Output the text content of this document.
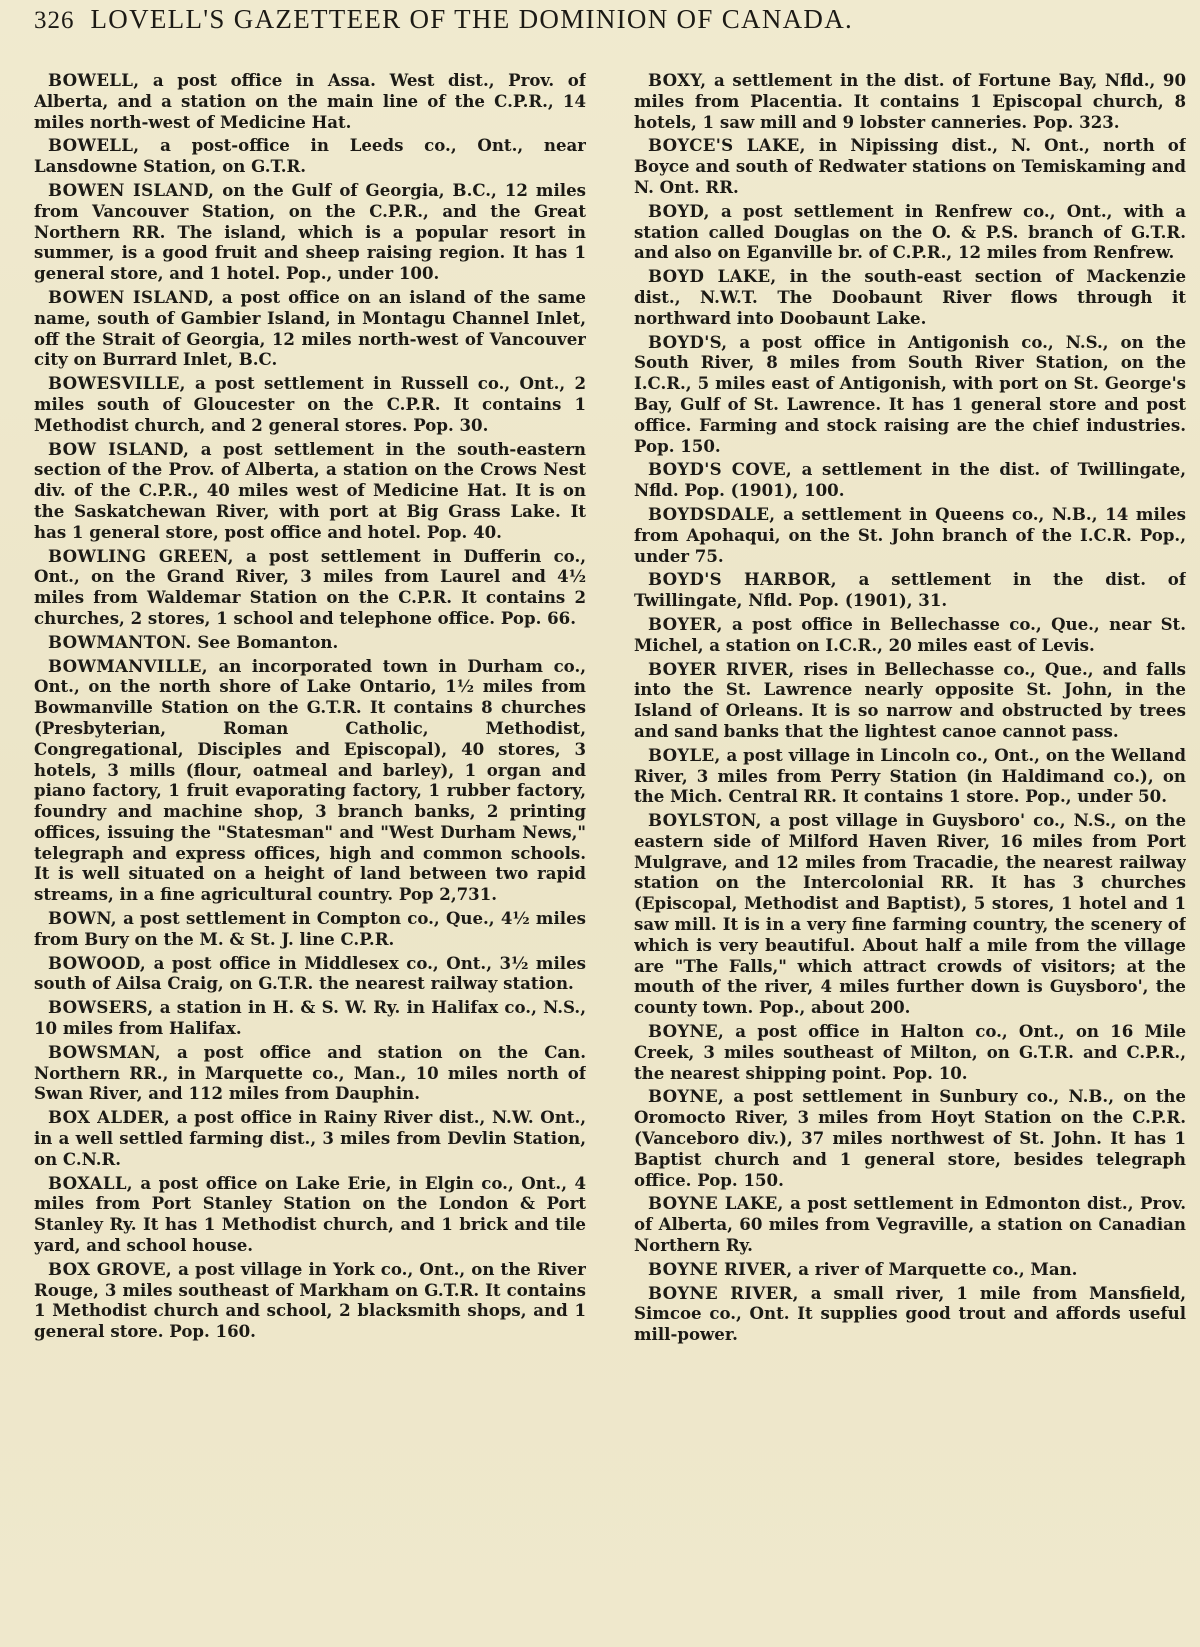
326 LOVELL'S GAZETTEER OF THE DOMINION OF CANADA.

BOWELL, a post office in Assa. West dist., Prov. of Alberta, and a station on the main line of the C.P.R., 14 miles north-west of Medicine Hat.

BOWELL, a post-office in Leeds co., Ont., near Lansdowne Station, on G.T.R.

BOWEN ISLAND, on the Gulf of Georgia, B.C., 12 miles from Vancouver Station, on the C.P.R., and the Great Northern RR. The island, which is a popular resort in summer, is a good fruit and sheep raising region. It has 1 general store, and 1 hotel. Pop., under 100.

BOWEN ISLAND, a post office on an island of the same name, south of Gambier Island, in Montagu Channel Inlet, off the Strait of Georgia, 12 miles north-west of Vancouver city on Burrard Inlet, B.C.

BOWESVILLE, a post settlement in Russell co., Ont., 2 miles south of Gloucester on the C.P.R. It contains 1 Methodist church, and 2 general stores. Pop. 30.

BOW ISLAND, a post settlement in the south-eastern section of the Prov. of Alberta, a station on the Crows Nest div. of the C.P.R., 40 miles west of Medicine Hat. It is on the Saskatchewan River, with port at Big Grass Lake. It has 1 general store, post office and hotel. Pop. 40.

BOWLING GREEN, a post settlement in Dufferin co., Ont., on the Grand River, 3 miles from Laurel and 4½ miles from Waldemar Station on the C.P.R. It contains 2 churches, 2 stores, 1 school and telephone office. Pop. 66.

BOWMANTON. See Bomanton.

BOWMANVILLE, an incorporated town in Durham co., Ont., on the north shore of Lake Ontario, 1½ miles from Bowmanville Station on the G.T.R. It contains 8 churches (Presbyterian, Roman Catholic, Methodist, Congregational, Disciples and Episcopal), 40 stores, 3 hotels, 3 mills (flour, oatmeal and barley), 1 organ and piano factory, 1 fruit evaporating factory, 1 rubber factory, foundry and machine shop, 3 branch banks, 2 printing offices, issuing the "Statesman" and "West Durham News," telegraph and express offices, high and common schools. It is well situated on a height of land between two rapid streams, in a fine agricultural country. Pop 2,731.

BOWN, a post settlement in Compton co., Que., 4½ miles from Bury on the M. & St. J. line C.P.R.

BOWOOD, a post office in Middlesex co., Ont., 3½ miles south of Ailsa Craig, on G.T.R. the nearest railway station.

BOWSERS, a station in H. & S. W. Ry. in Halifax co., N.S., 10 miles from Halifax.

BOWSMAN, a post office and station on the Can. Northern RR., in Marquette co., Man., 10 miles north of Swan River, and 112 miles from Dauphin.

BOX ALDER, a post office in Rainy River dist., N.W. Ont., in a well settled farming dist., 3 miles from Devlin Station, on C.N.R.

BOXALL, a post office on Lake Erie, in Elgin co., Ont., 4 miles from Port Stanley Station on the London & Port Stanley Ry. It has 1 Methodist church, and 1 brick and tile yard, and school house.

BOX GROVE, a post village in York co., Ont., on the River Rouge, 3 miles southeast of Markham on G.T.R. It contains 1 Methodist church and school, 2 blacksmith shops, and 1 general store. Pop. 160.

BOXY, a settlement in the dist. of Fortune Bay, Nfld., 90 miles from Placentia. It contains 1 Episcopal church, 8 hotels, 1 saw mill and 9 lobster canneries. Pop. 323.

BOYCE'S LAKE, in Nipissing dist., N. Ont., north of Boyce and south of Redwater stations on Temiskaming and N. Ont. RR.

BOYD, a post settlement in Renfrew co., Ont., with a station called Douglas on the O. & P.S. branch of G.T.R. and also on Eganville br. of C.P.R., 12 miles from Renfrew.

BOYD LAKE, in the south-east section of Mackenzie dist., N.W.T. The Doobaunt River flows through it northward into Doobaunt Lake.

BOYD'S, a post office in Antigonish co., N.S., on the South River, 8 miles from South River Station, on the I.C.R., 5 miles east of Antigonish, with port on St. George's Bay, Gulf of St. Lawrence. It has 1 general store and post office. Farming and stock raising are the chief industries. Pop. 150.

BOYD'S COVE, a settlement in the dist. of Twillingate, Nfld. Pop. (1901), 100.

BOYDSDALE, a settlement in Queens co., N.B., 14 miles from Apohaqui, on the St. John branch of the I.C.R. Pop., under 75.

BOYD'S HARBOR, a settlement in the dist. of Twillingate, Nfld. Pop. (1901), 31.

BOYER, a post office in Bellechasse co., Que., near St. Michel, a station on I.C.R., 20 miles east of Levis.

BOYER RIVER, rises in Bellechasse co., Que., and falls into the St. Lawrence nearly opposite St. John, in the Island of Orleans. It is so narrow and obstructed by trees and sand banks that the lightest canoe cannot pass.

BOYLE, a post village in Lincoln co., Ont., on the Welland River, 3 miles from Perry Station (in Haldimand co.), on the Mich. Central RR. It contains 1 store. Pop., under 50.

BOYLSTON, a post village in Guysboro' co., N.S., on the eastern side of Milford Haven River, 16 miles from Port Mulgrave, and 12 miles from Tracadie, the nearest railway station on the Intercolonial RR. It has 3 churches (Episcopal, Methodist and Baptist), 5 stores, 1 hotel and 1 saw mill. It is in a very fine farming country, the scenery of which is very beautiful. About half a mile from the village are "The Falls," which attract crowds of visitors; at the mouth of the river, 4 miles further down is Guysboro', the county town. Pop., about 200.

BOYNE, a post office in Halton co., Ont., on 16 Mile Creek, 3 miles southeast of Milton, on G.T.R. and C.P.R., the nearest shipping point. Pop. 10.

BOYNE, a post settlement in Sunbury co., N.B., on the Oromocto River, 3 miles from Hoyt Station on the C.P.R. (Vanceboro div.), 37 miles northwest of St. John. It has 1 Baptist church and 1 general store, besides telegraph office. Pop. 150.

BOYNE LAKE, a post settlement in Edmonton dist., Prov. of Alberta, 60 miles from Vegraville, a station on Canadian Northern Ry.

BOYNE RIVER, a river of Marquette co., Man.

BOYNE RIVER, a small river, 1 mile from Mansfield, Simcoe co., Ont. It supplies good trout and affords useful mill-power.
